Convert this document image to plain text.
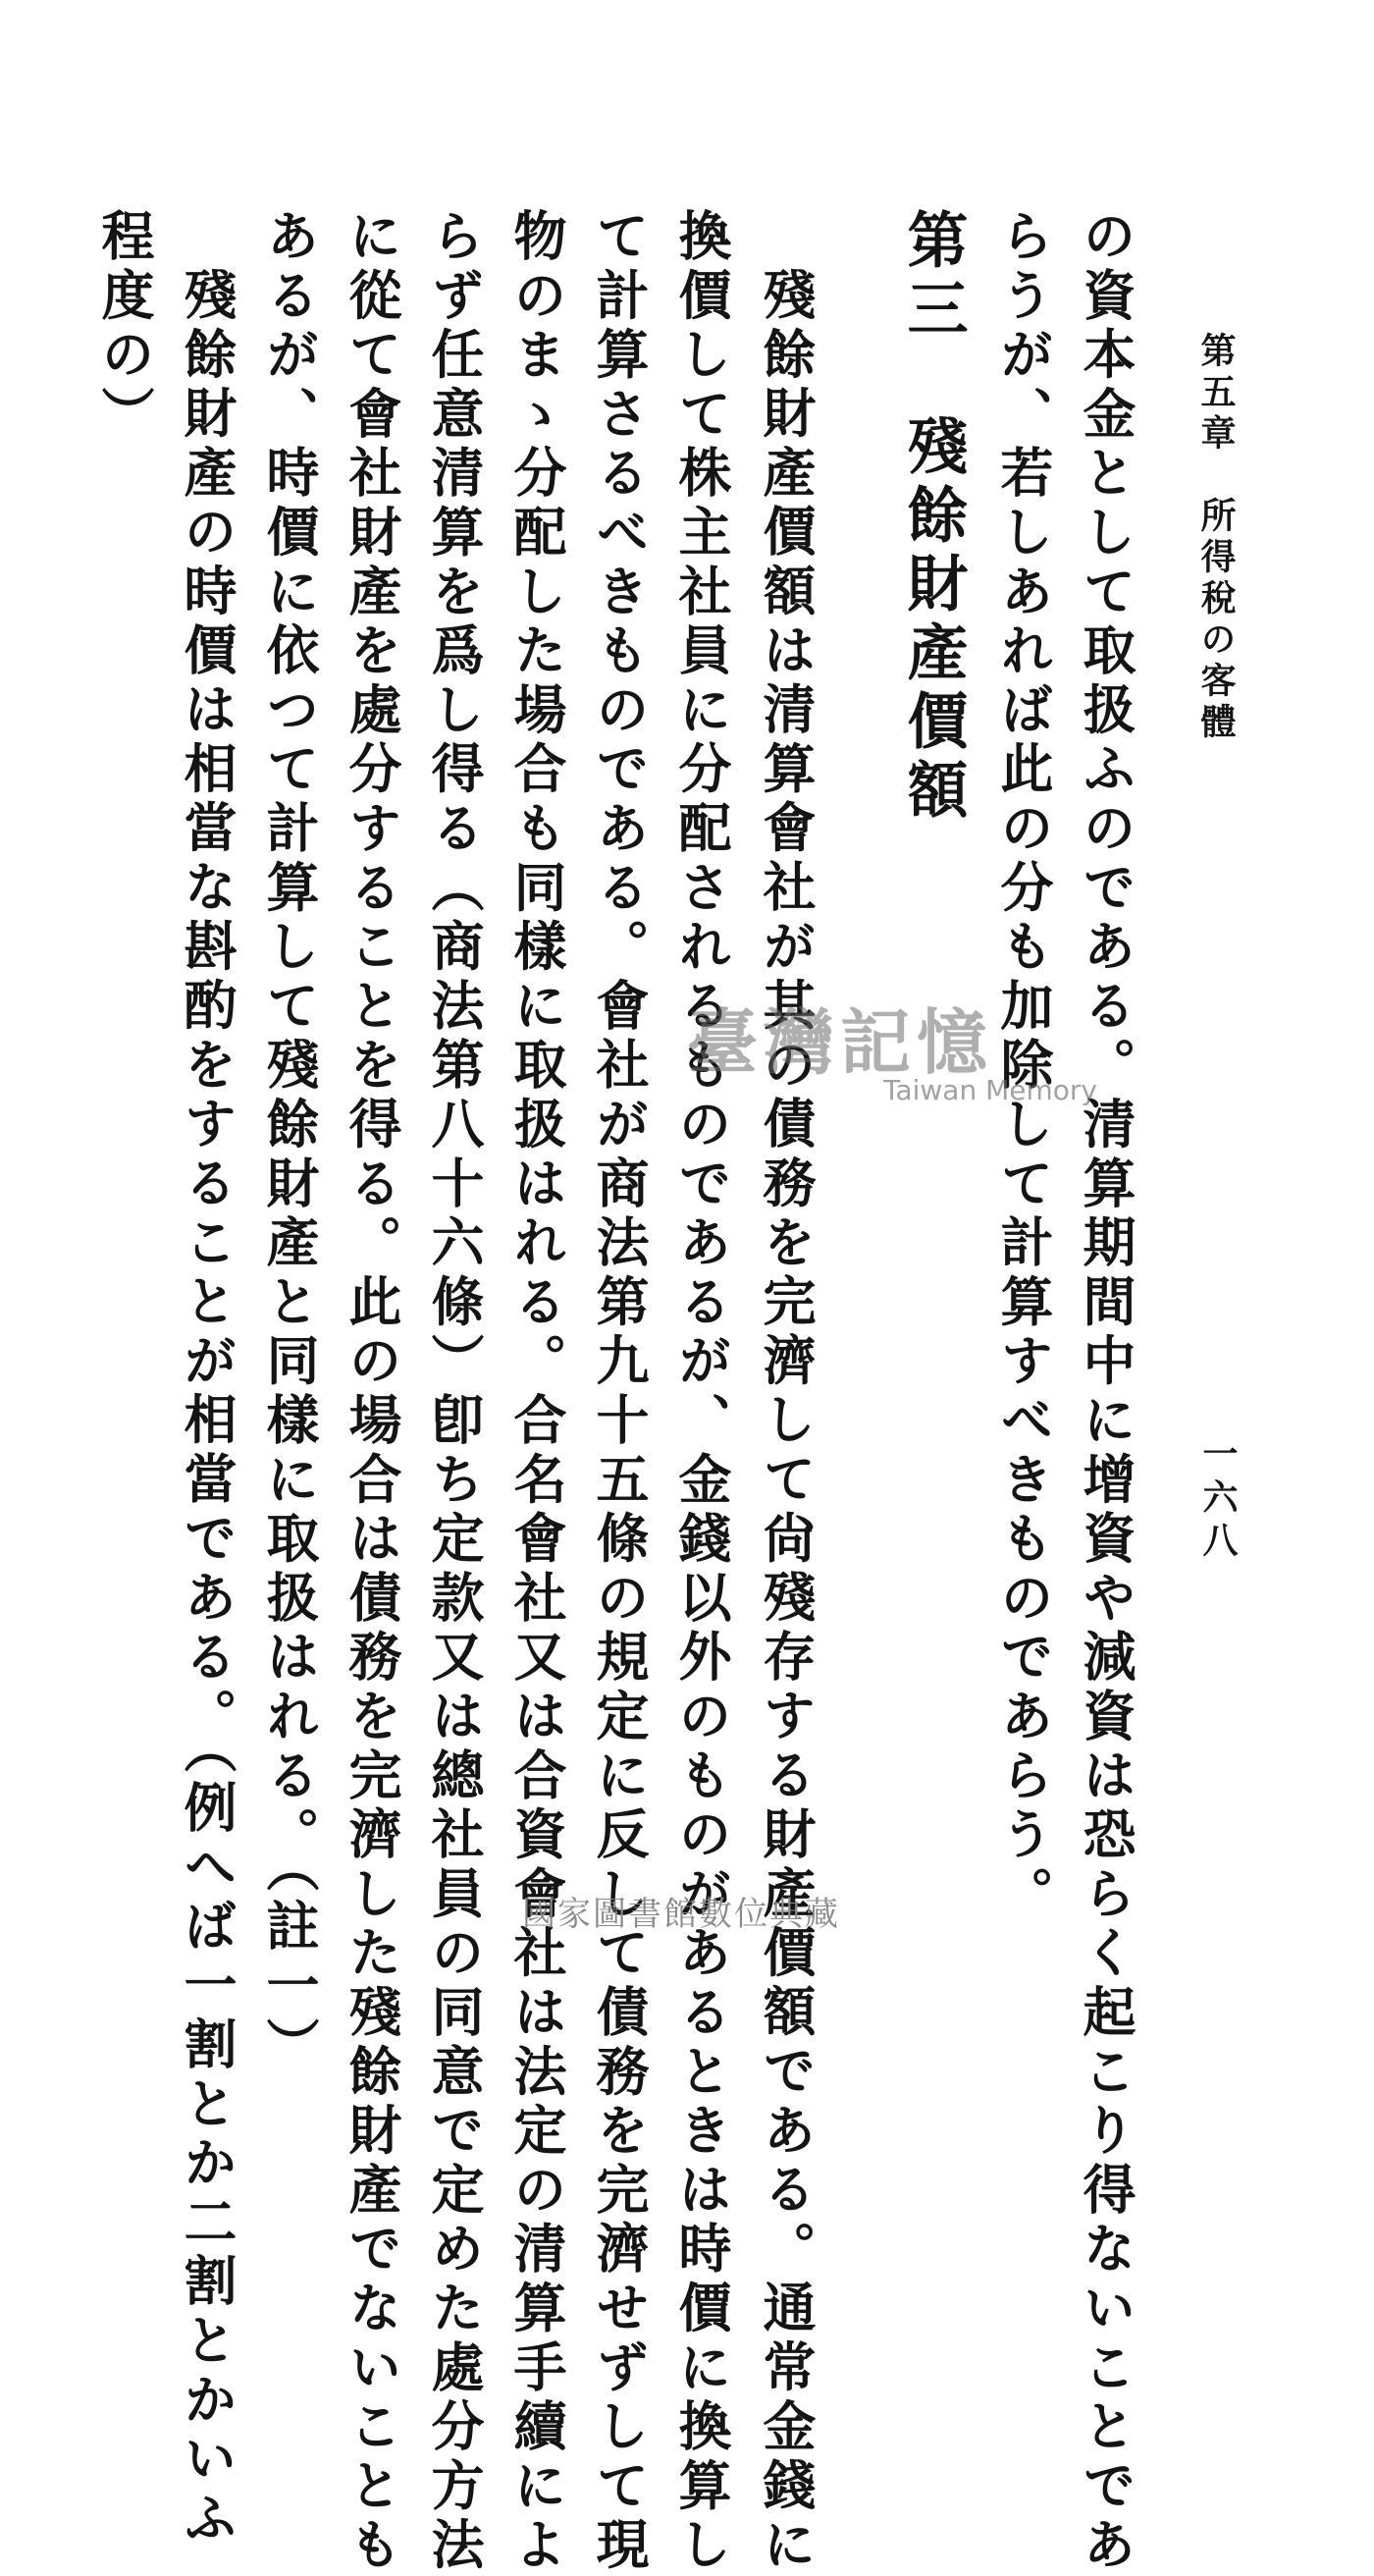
第五章　所得稅の客體
一六八
の資本金として取扱ふのである。清算期間中に增資や減資は恐らく起こり得ないことであ
らうが、若しあれば此の分も加除して計算すべきものであらう。
第三　殘餘財產價額
殘餘財產價額は清算會社が其の債務を完濟して尙殘存する財產價額である。通常金錢に
換價して株主社員に分配されるものであるが、金錢以外のものがあるときは時價に換算し
て計算さるべきものである。會社が商法第九十五條の規定に反して債務を完濟せずして現
物のまゝ分配した場合も同樣に取扱はれる。合名會社又は合資會社は法定の清算手續によ
らず任意清算を爲し得る（商法第八十六條）卽ち定款又は總社員の同意で定めた處分方法
に從て會社財產を處分することを得る。此の場合は債務を完濟した殘餘財產でないことも
あるが、時價に依つて計算して殘餘財產と同樣に取扱はれる。（註一）
殘餘財產の時價は相當な斟酌をすることが相當である。（例へば一割とか二割とかいふ
程度の）
臺灣記憶
Taiwan Memory
國家圖書館數位典藏
